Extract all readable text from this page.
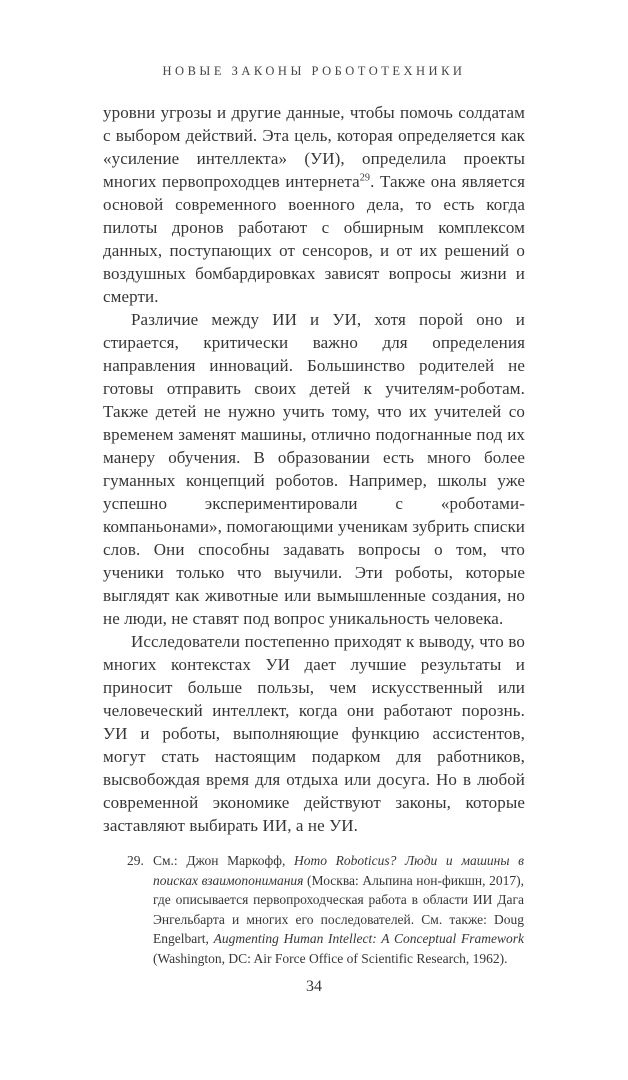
НОВЫЕ ЗАКОНЫ РОБОТОТЕХНИКИ

уровни угрозы и другие данные, чтобы помочь солдатам с выбором действий. Эта цель, которая определяется как «усиление интеллекта» (УИ), определила проекты многих первопроходцев интернета$^{29}$. Также она является основой современного военного дела, то есть когда пилоты дронов работают с обширным комплексом данных, поступающих от сенсоров, и от их решений о воздушных бомбардировках зависят вопросы жизни и смерти.

Различие между ИИ и УИ, хотя порой оно и стирается, критически важно для определения направления инноваций. Большинство родителей не готовы отправить своих детей к учителям-роботам. Также детей не нужно учить тому, что их учителей со временем заменят машины, отлично подогнанные под их манеру обучения. В образовании есть много более гуманных концепций роботов. Например, школы уже успешно экспериментировали с «роботами-компаньонами», помогающими ученикам зубрить списки слов. Они способны задавать вопросы о том, что ученики только что выучили. Эти роботы, которые выглядят как животные или вымышленные создания, но не люди, не ставят под вопрос уникальность человека.

Исследователи постепенно приходят к выводу, что во многих контекстах УИ дает лучшие результаты и приносит больше пользы, чем искусственный или человеческий интеллект, когда они работают порознь. УИ и роботы, выполняющие функцию ассистентов, могут стать настоящим подарком для работников, высвобождая время для отдыха или досуга. Но в любой современной экономике действуют законы, которые заставляют выбирать ИИ, а не УИ.

29. См.: Джон Маркофф, Homo Roboticus? Люди и машины в поисках взаимопонимания (Москва: Альпина нон-фикшн, 2017), где описывается первопроходческая работа в области ИИ Дага Энгельбарта и многих его последователей. См. также: Doug Engelbart, Augmenting Human Intellect: A Conceptual Framework (Washington, DC: Air Force Office of Scientific Research, 1962).
34
